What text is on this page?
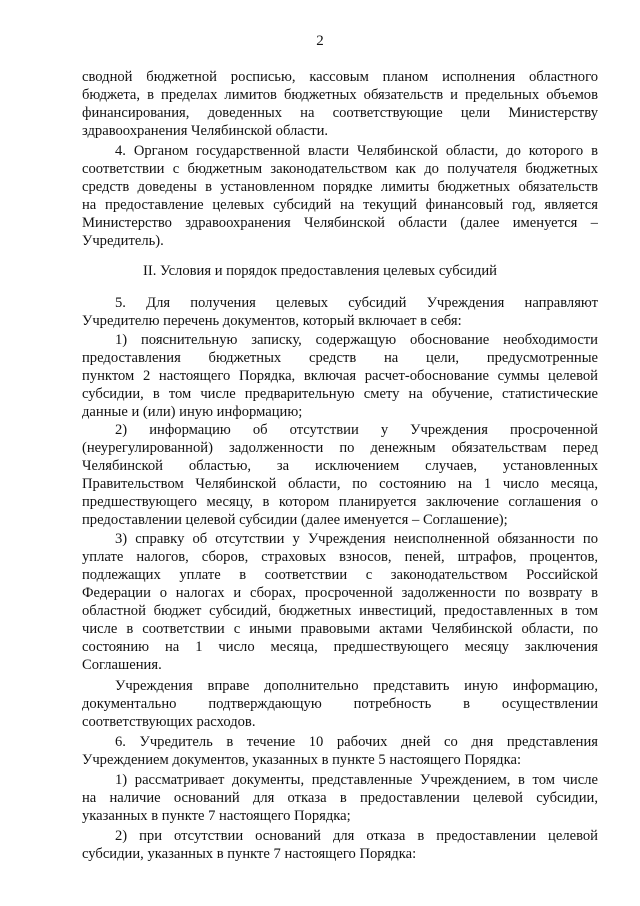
2
сводной бюджетной росписью, кассовым планом исполнения областного
бюджета, в пределах лимитов бюджетных обязательств и предельных объемов
финансирования, доведенных на соответствующие цели Министерству
здравоохранения Челябинской области.
4. Органом государственной власти Челябинской области, до которого в
соответствии с бюджетным законодательством как до получателя бюджетных
средств доведены в установленном порядке лимиты бюджетных обязательств
на предоставление целевых субсидий на текущий финансовый год, является
Министерство здравоохранения Челябинской области (далее именуется –
Учредитель).
II. Условия и порядок предоставления целевых субсидий
5. Для получения целевых субсидий Учреждения направляют
Учредителю перечень документов, который включает в себя:
1) пояснительную записку, содержащую обоснование необходимости
предоставления бюджетных средств на цели, предусмотренные
пунктом 2 настоящего Порядка, включая расчет-обоснование суммы целевой
субсидии, в том числе предварительную смету на обучение, статистические
данные и (или) иную информацию;
2) информацию об отсутствии у Учреждения просроченной
(неурегулированной) задолженности по денежным обязательствам перед
Челябинской областью, за исключением случаев, установленных
Правительством Челябинской области, по состоянию на 1 число месяца,
предшествующего месяцу, в котором планируется заключение соглашения о
предоставлении целевой субсидии (далее именуется – Соглашение);
3) справку об отсутствии у Учреждения неисполненной обязанности по
уплате налогов, сборов, страховых взносов, пеней, штрафов, процентов,
подлежащих уплате в соответствии с законодательством Российской
Федерации о налогах и сборах, просроченной задолженности по возврату в
областной бюджет субсидий, бюджетных инвестиций, предоставленных в том
числе в соответствии с иными правовыми актами Челябинской области, по
состоянию на 1 число месяца, предшествующего месяцу заключения
Соглашения.
Учреждения вправе дополнительно представить иную информацию,
документально подтверждающую потребность в осуществлении
соответствующих расходов.
6. Учредитель в течение 10 рабочих дней со дня представления
Учреждением документов, указанных в пункте 5 настоящего Порядка:
1) рассматривает документы, представленные Учреждением, в том числе
на наличие оснований для отказа в предоставлении целевой субсидии,
указанных в пункте 7 настоящего Порядка;
2) при отсутствии оснований для отказа в предоставлении целевой
субсидии, указанных в пункте 7 настоящего Порядка:
